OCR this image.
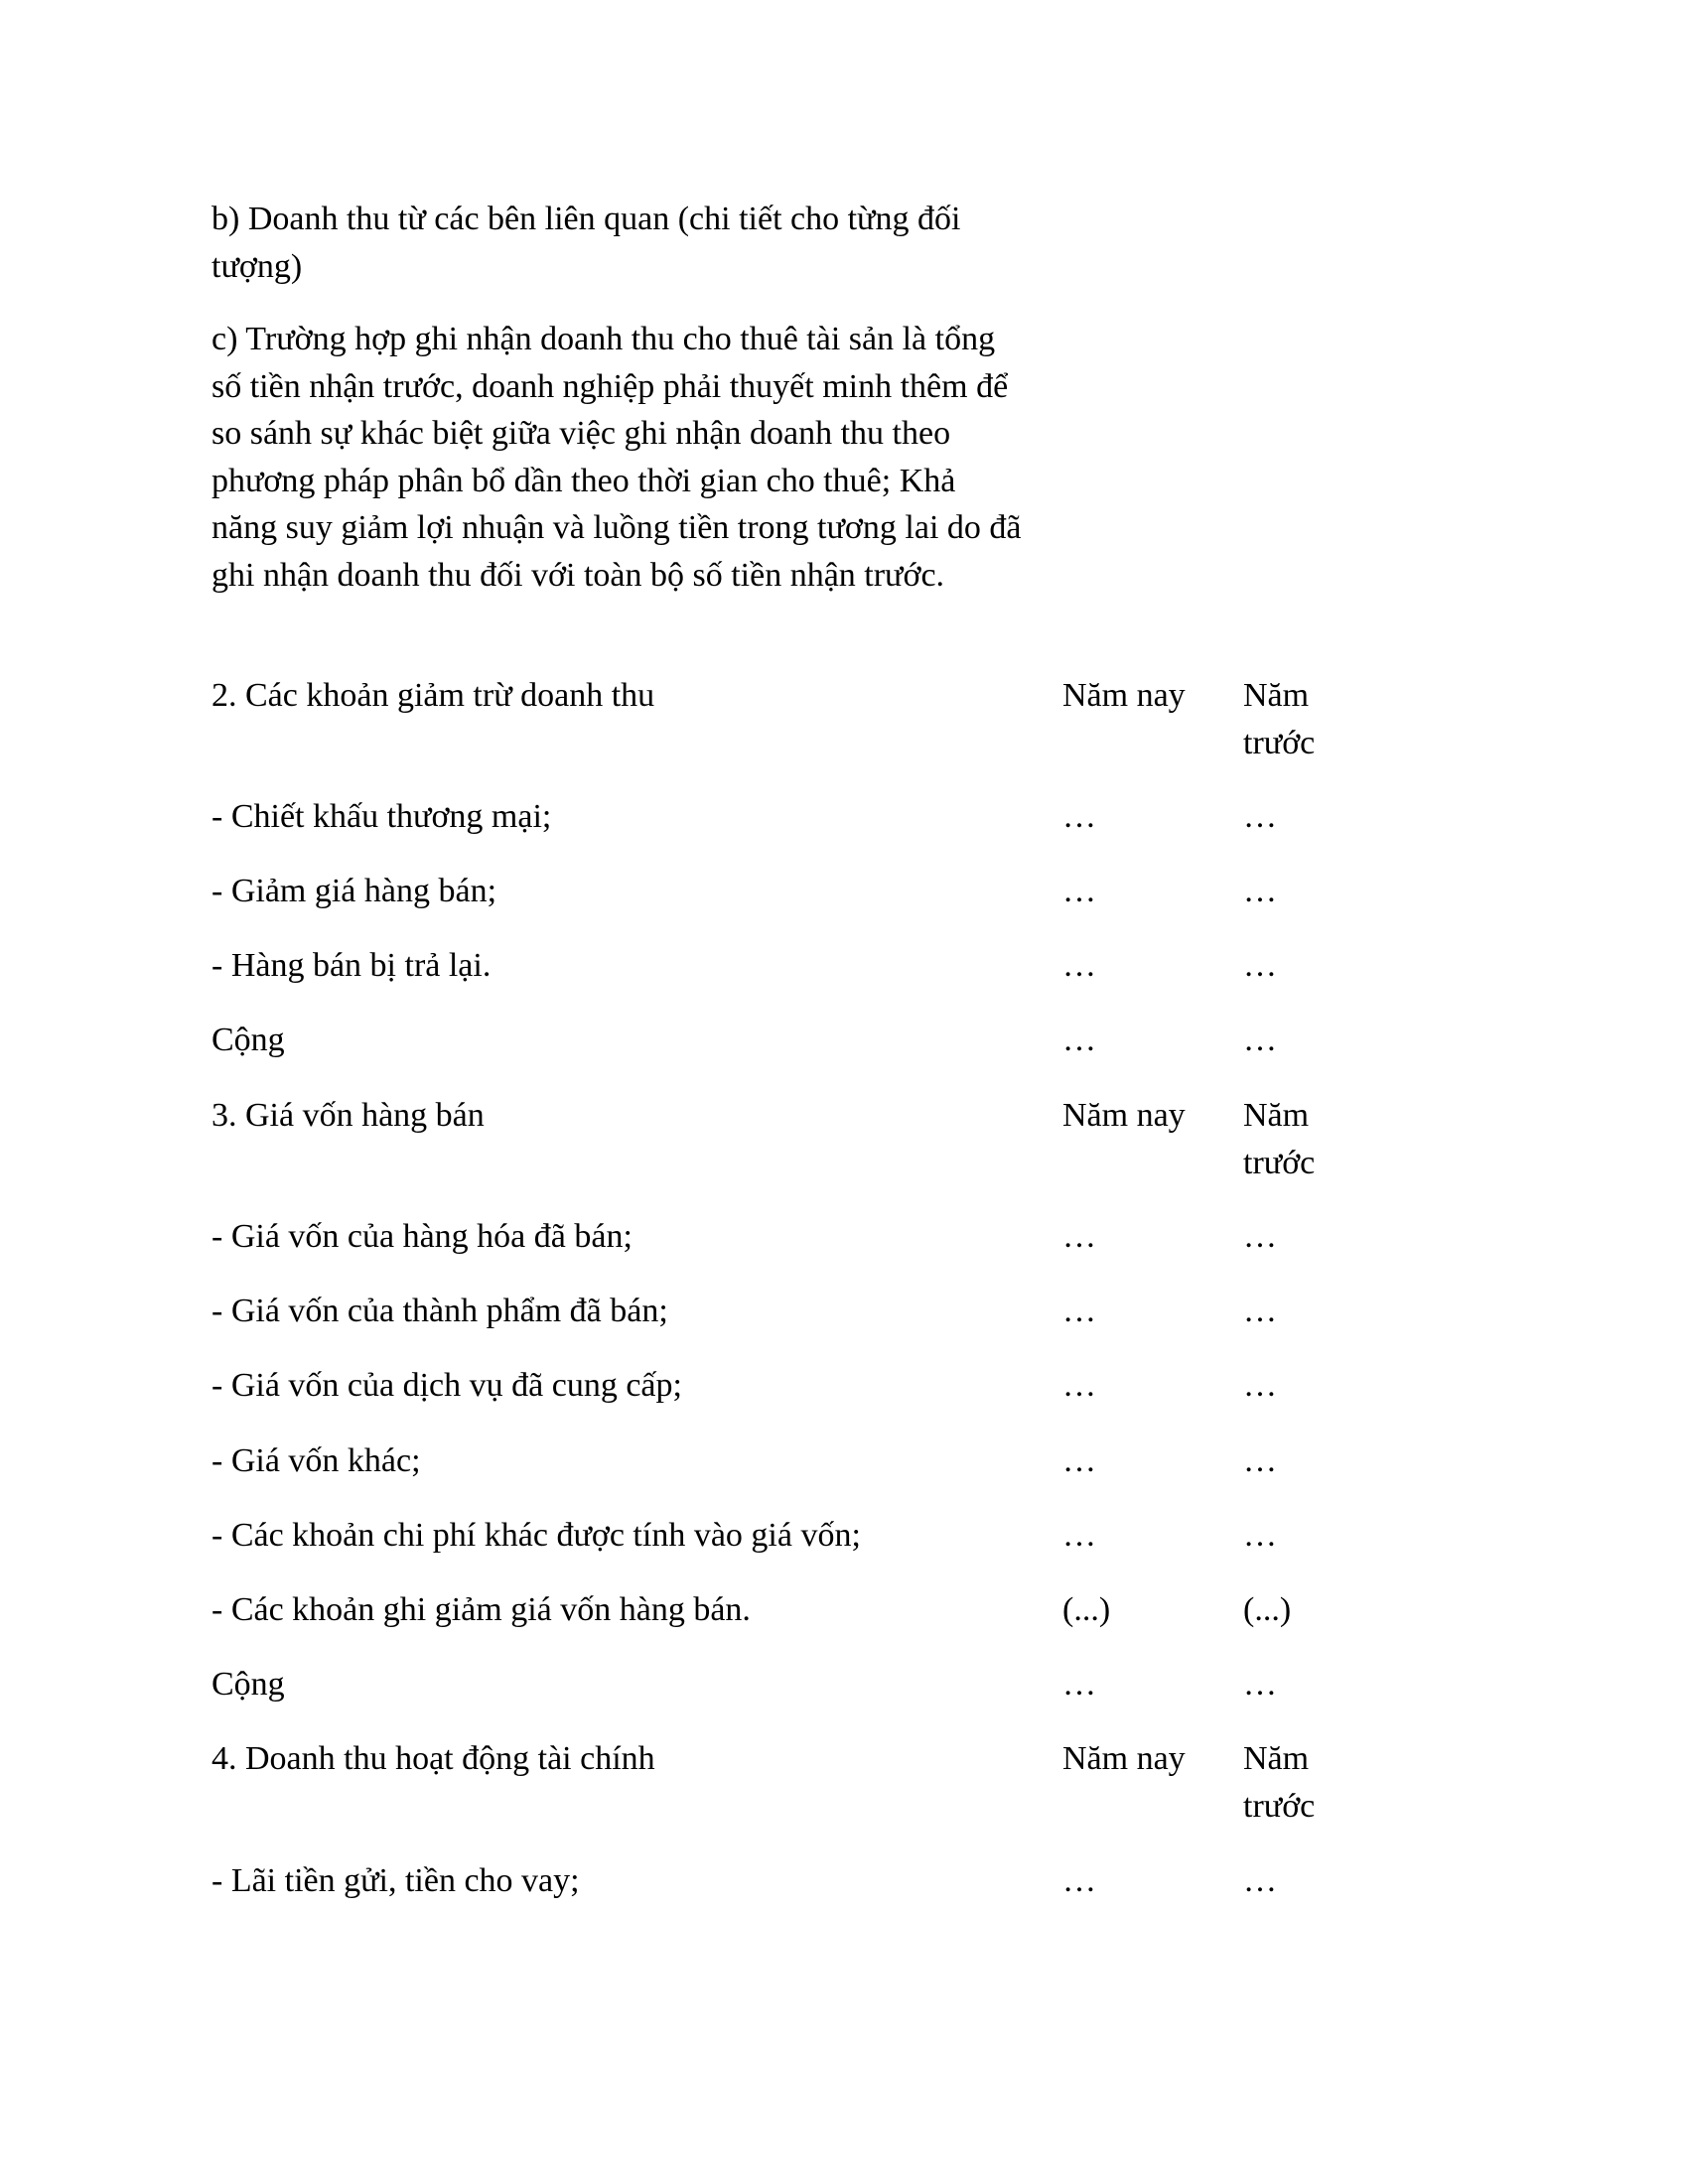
b) Doanh thu từ các bên liên quan (chi tiết cho từng đối tượng)

c) Trường hợp ghi nhận doanh thu cho thuê tài sản là tổng số tiền nhận trước, doanh nghiệp phải thuyết minh thêm để so sánh sự khác biệt giữa việc ghi nhận doanh thu theo phương pháp phân bổ dần theo thời gian cho thuê; Khả năng suy giảm lợi nhuận và luồng tiền trong tương lai do đã ghi nhận doanh thu đối với toàn bộ số tiền nhận trước.

2. Các khoản giảm trừ doanh thu	Năm nay Năm trước
- Chiết khấu thương mại;	…	…
- Giảm giá hàng bán;	…	…
- Hàng bán bị trả lại.	…	…
Cộng	…	…
3. Giá vốn hàng bán	Năm nay Năm trước
- Giá vốn của hàng hóa đã bán;	…	…
- Giá vốn của thành phẩm đã bán;	…	…
- Giá vốn của dịch vụ đã cung cấp;	…	…
- Giá vốn khác;	…	…
- Các khoản chi phí khác được tính vào giá vốn;	…	…
- Các khoản ghi giảm giá vốn hàng bán.	(...)	(...)
Cộng	…	…
4. Doanh thu hoạt động tài chính	Năm nay Năm trước
- Lãi tiền gửi, tiền cho vay;	…	…
